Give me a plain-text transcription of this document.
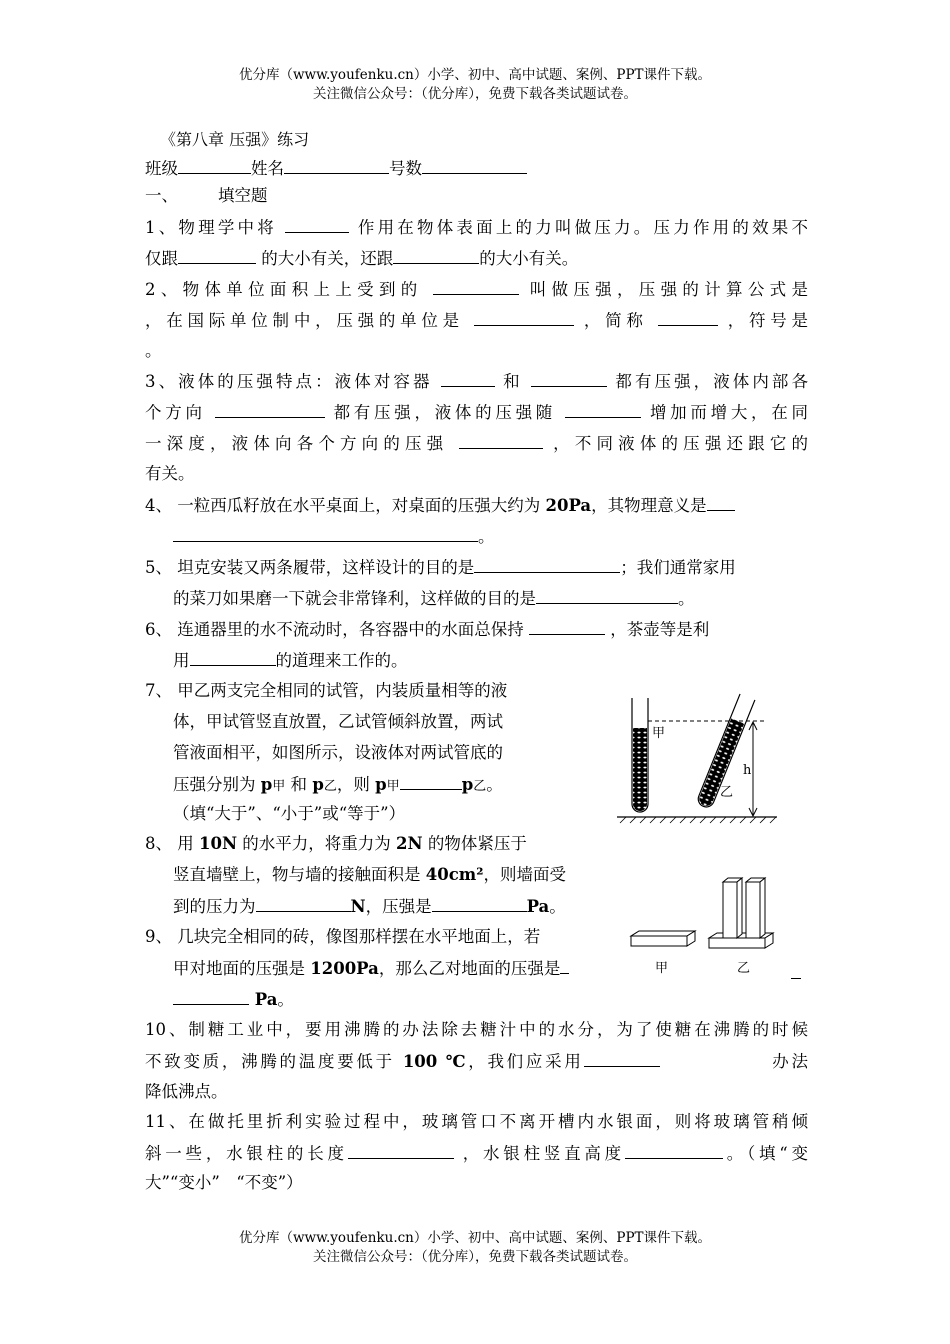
优分库（www.youfenku.cn）小学、初中、高中试题、案例、PPT课件下载。
关注微信公众号：（优分库），免费下载各类试题试卷。
《第八章 压强》练习
班级	姓名	号数
一、 填空题
1、物理学中将	作用在物体表面上的力叫做压力。压力作用的效果不
仅跟	的大小有关，还跟	的大小有关。
2、物体单位面积上上受到的	叫做压强，压强的计算公式是
，在国际单位制中，压强的单位是	，简称	，符号是
。
3、液体的压强特点：液体对容器	和	都有压强，液体内部各
个方向	都有压强，液体的压强随	增加而增大，在同
一深度，液体向各个方向的压强	，不同液体的压强还跟它的
有关。
4、 一粒西瓜籽放在水平桌面上，对桌面的压强大约为 20Pa，其物理意义是
。
5、 坦克安装又两条履带，这样设计的目的是	；我们通常家用
的菜刀如果磨一下就会非常锋利，这样做的目的是	。
6、 连通器里的水不流动时，各容器中的水面总保持	，茶壶等是利
用	的道理来工作的。
7、 甲乙两支完全相同的试管，内装质量相等的液
体，甲试管竖直放置，乙试管倾斜放置，两试
管液面相平，如图所示，设液体对两试管底的
压强分别为 p甲 和 p乙，则 p甲	p乙。
（填“大于”、“小于”或“等于”）
甲
乙
h
8、 用 10N 的水平力，将重力为 2N 的物体紧压于
竖直墙壁上，物与墙的接触面积是 40cm²，则墙面受
到的压力为	N，压强是	Pa。
9、 几块完全相同的砖，像图那样摆在水平地面上，若
甲对地面的压强是 1200Pa，那么乙对地面的压强是
Pa。
甲	乙
10、制糖工业中，要用沸腾的办法除去糖汁中的水分，为了使糖在沸腾的时候
不致变质，沸腾的温度要低于 100 ℃，我们应采用	办法
降低沸点。
11、在做托里折利实验过程中，玻璃管口不离开槽内水银面，则将玻璃管稍倾
斜一些，水银柱的长度	，水银柱竖直高度	。（填“变
大”“变小”　“不变”）
优分库（www.youfenku.cn）小学、初中、高中试题、案例、PPT课件下载。
关注微信公众号：（优分库），免费下载各类试题试卷。
